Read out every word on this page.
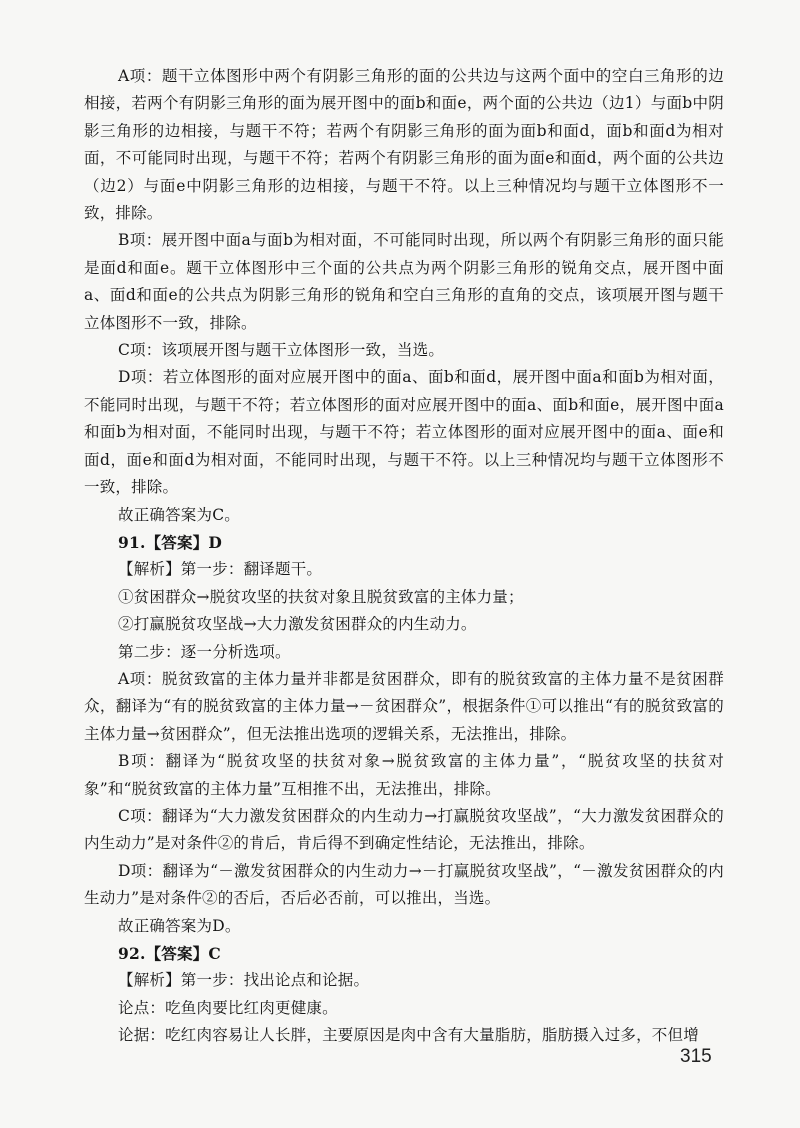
A项：题干立体图形中两个有阴影三角形的面的公共边与这两个面中的空白三角形的边相接，若两个有阴影三角形的面为展开图中的面b和面e，两个面的公共边（边1）与面b中阴影三角形的边相接，与题干不符；若两个有阴影三角形的面为面b和面d，面b和面d为相对面，不可能同时出现，与题干不符；若两个有阴影三角形的面为面e和面d，两个面的公共边（边2）与面e中阴影三角形的边相接，与题干不符。以上三种情况均与题干立体图形不一致，排除。

B项：展开图中面a与面b为相对面，不可能同时出现，所以两个有阴影三角形的面只能是面d和面e。题干立体图形中三个面的公共点为两个阴影三角形的锐角交点，展开图中面a、面d和面e的公共点为阴影三角形的锐角和空白三角形的直角的交点，该项展开图与题干立体图形不一致，排除。

C项：该项展开图与题干立体图形一致，当选。

D项：若立体图形的面对应展开图中的面a、面b和面d，展开图中面a和面b为相对面，不能同时出现，与题干不符；若立体图形的面对应展开图中的面a、面b和面e，展开图中面a和面b为相对面，不能同时出现，与题干不符；若立体图形的面对应展开图中的面a、面e和面d，面e和面d为相对面，不能同时出现，与题干不符。以上三种情况均与题干立体图形不一致，排除。

故正确答案为C。

91.【答案】D

【解析】第一步：翻译题干。

①贫困群众→脱贫攻坚的扶贫对象且脱贫致富的主体力量；

②打赢脱贫攻坚战→大力激发贫困群众的内生动力。

第二步：逐一分析选项。

A项：脱贫致富的主体力量并非都是贫困群众，即有的脱贫致富的主体力量不是贫困群众，翻译为“有的脱贫致富的主体力量→－贫困群众”，根据条件①可以推出“有的脱贫致富的主体力量→贫困群众”，但无法推出选项的逻辑关系，无法推出，排除。

B项：翻译为“脱贫攻坚的扶贫对象→脱贫致富的主体力量”，“脱贫攻坚的扶贫对象”和“脱贫致富的主体力量”互相推不出，无法推出，排除。

C项：翻译为“大力激发贫困群众的内生动力→打赢脱贫攻坚战”，“大力激发贫困群众的内生动力”是对条件②的肯后，肯后得不到确定性结论，无法推出，排除。

D项：翻译为“－激发贫困群众的内生动力→－打赢脱贫攻坚战”，“－激发贫困群众的内生动力”是对条件②的否后，否后必否前，可以推出，当选。

故正确答案为D。

92.【答案】C

【解析】第一步：找出论点和论据。

论点：吃鱼肉要比红肉更健康。

论据：吃红肉容易让人长胖，主要原因是肉中含有大量脂肪，脂肪摄入过多，不但增

315
